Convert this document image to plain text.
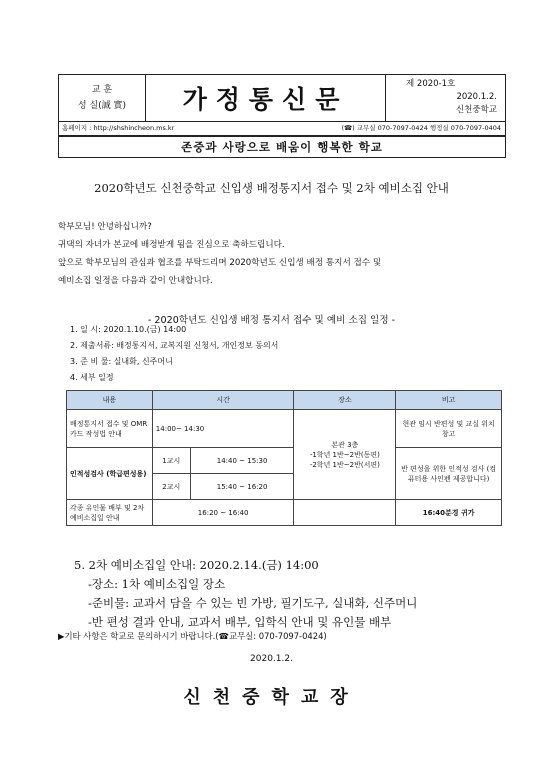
교 훈
성 실(誠 實)	가정통신문
제 2020-1호
2020.1.2.
신천중학교
홈페이지 : http://shshincheon.ms.kr	(☎) 교무실 070-7097-0424 행정실 070-7097-0404
존중과 사랑으로 배움이 행복한 학교
2020학년도 신천중학교 신입생 배정통지서 접수 및 2차 예비소집 안내
학부모님! 안녕하십니까?
귀댁의 자녀가 본교에 배정받게 됨을 진심으로 축하드립니다.
앞으로 학부모님의 관심과 협조를 부탁드리며 2020학년도 신입생 배정 통지서 접수 및
예비소집 일정을 다음과 같이 안내합니다.
- 2020학년도 신입생 배정 통지서 접수 및 예비 소집 일정 -
1. 일 시: 2020.1.10.(금) 14:00
2. 제출서류: 배정통지서, 교복지원 신청서, 개인정보 동의서
3. 준 비 물: 실내화, 신주머니
4. 세부 일정
내용	시간		장소	비고
배정통지서 접수 및 OMR 카드 작성법 안내	14:00~ 14:30		본관 3층
-1학년 1반~2반(동편)
-2학년 1반~2반(서편)	현관 임시 반편성 및 교실 위치 창고
인적성검사 (학급편성용)	1교시	14:40 ~ 15:30		반 편성을 위한 인적성 검사 (컴퓨터용 사인펜 제공합니다)
	2교시	15:40 ~ 16:20		
각종 유인물 배부 및 2차 예비소집일 안내	16:20 ~ 16:40			16:40분경 귀가
5. 2차 예비소집일 안내: 2020.2.14.(금) 14:00
-장소: 1차 예비소집일 장소
-준비물: 교과서 담을 수 있는 빈 가방, 필기도구, 실내화, 신주머니
-반 편성 결과 안내, 교과서 배부, 입학식 안내 및 유인물 배부
▶기타 사항은 학교로 문의하시기 바랍니다.(☎교무실: 070-7097-0424)
2020.1.2.
신천중학교장
